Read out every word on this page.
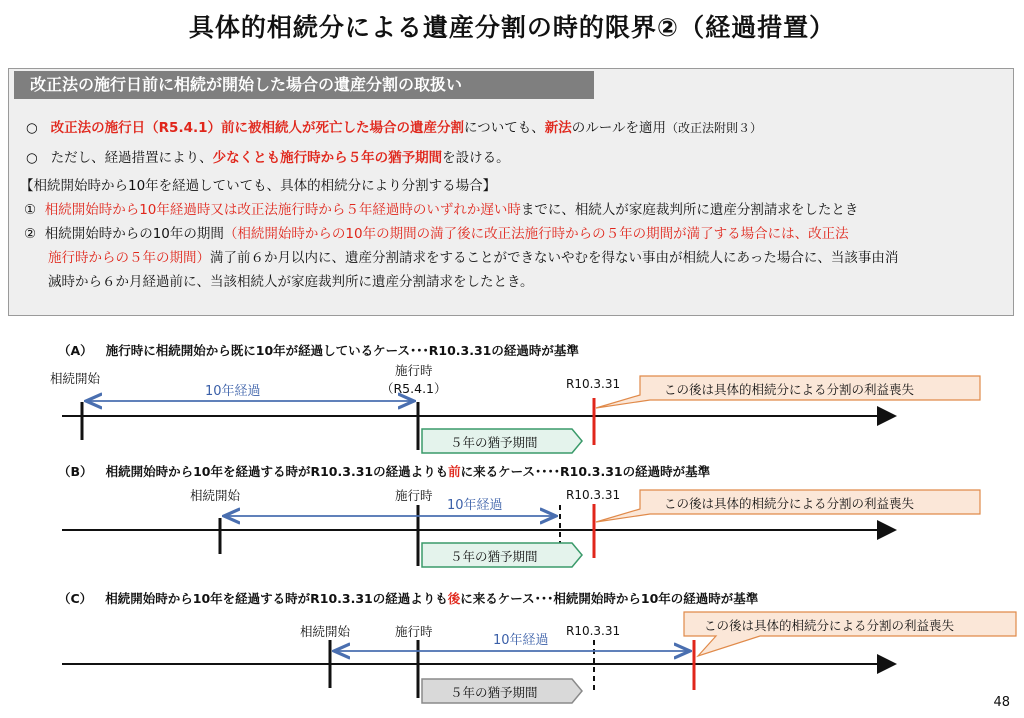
具体的相続分による遺産分割の時的限界②（経過措置）
改正法の施行日前に相続が開始した場合の遺産分割の取扱い
○ 改正法の施行日（R5.4.1）前に被相続人が死亡した場合の遺産分割についても、新法のルールを適用（改正法附則３）
○ ただし、経過措置により、少なくとも施行時から５年の猶予期間を設ける。
【相続開始時から10年を経過していても、具体的相続分により分割する場合】
① 相続開始時から10年経過時又は改正法施行時から５年経過時のいずれか遅い時までに、相続人が家庭裁判所に遺産分割請求をしたとき
② 相続開始時からの10年の期間（相続開始時からの10年の期間の満了後に改正法施行時からの５年の期間が満了する場合には、改正法
施行時からの５年の期間）満了前６か月以内に、遺産分割請求をすることができないやむを得ない事由が相続人にあった場合に、当該事由消
滅時から６か月経過前に、当該相続人が家庭裁判所に遺産分割請求をしたとき。
（A） 施行時に相続開始から既に10年が経過しているケース･･･R10.3.31の経過時が基準
相続開始
10年経過
施行時
（R5.4.1）	R10.3.31	この後は具体的相続分による分割の利益喪失
５年の猶予期間
（B） 相続開始時から10年を経過する時がR10.3.31の経過よりも前に来るケース････R10.3.31の経過時が基準
相続開始	施行時
10年経過
R10.3.31
この後は具体的相続分による分割の利益喪失
５年の猶予期間
（C） 相続開始時から10年を経過する時がR10.3.31の経過よりも後に来るケース･･･相続開始時から10年の経過時が基準
相続開始	施行時
10年経過
R10.3.31	この後は具体的相続分による分割の利益喪失
５年の猶予期間
48
